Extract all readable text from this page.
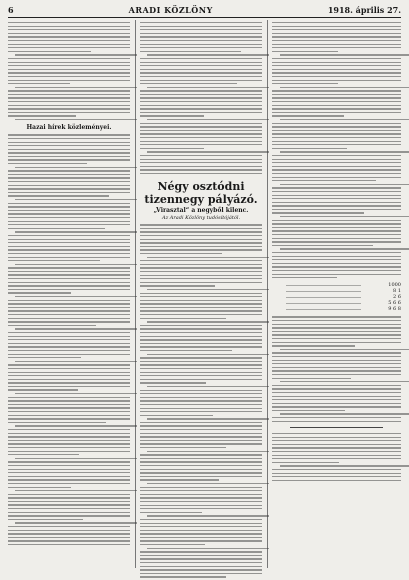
6	ARADI KÖZLÖNY	1918. április 27.
Hazai hírek közleményei.
Négy osztódni
tizennegy pályázó.
„Virasztal“ a negyből kilenc.
Az Aradi Közlöny tudósítójától.
1000
8 1
2 6
5 6 6
9 6 8
